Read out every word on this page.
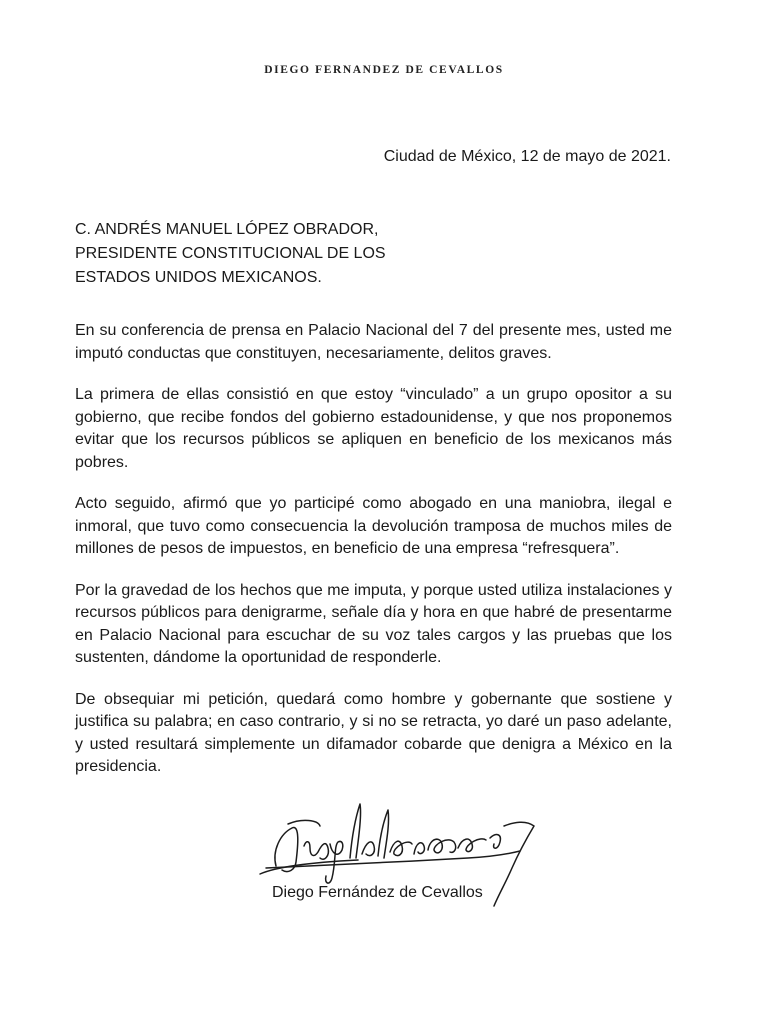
DIEGO FERNANDEZ DE CEVALLOS
Ciudad de México, 12 de mayo de 2021.
C. ANDRÉS MANUEL LÓPEZ OBRADOR,
PRESIDENTE CONSTITUCIONAL DE LOS
ESTADOS UNIDOS MEXICANOS.

En su conferencia de prensa en Palacio Nacional del 7 del presente mes, usted me imputó conductas que constituyen, necesariamente, delitos graves.

La primera de ellas consistió en que estoy “vinculado” a un grupo opositor a su gobierno, que recibe fondos del gobierno estadounidense, y que nos proponemos evitar que los recursos públicos se apliquen en beneficio de los mexicanos más pobres.

Acto seguido, afirmó que yo participé como abogado en una maniobra, ilegal e inmoral, que tuvo como consecuencia la devolución tramposa de muchos miles de millones de pesos de impuestos, en beneficio de una empresa “refresquera”.

Por la gravedad de los hechos que me imputa, y porque usted utiliza instalaciones y recursos públicos para denigrarme, señale día y hora en que habré de presentarme en Palacio Nacional para escuchar de su voz tales cargos y las pruebas que los sustenten, dándome la oportunidad de responderle.

De obsequiar mi petición, quedará como hombre y gobernante que sostiene y justifica su palabra; en caso contrario, y si no se retracta, yo daré un paso adelante, y usted resultará simplemente un difamador cobarde que denigra a México en la presidencia.

Diego Fernández de Cevallos
